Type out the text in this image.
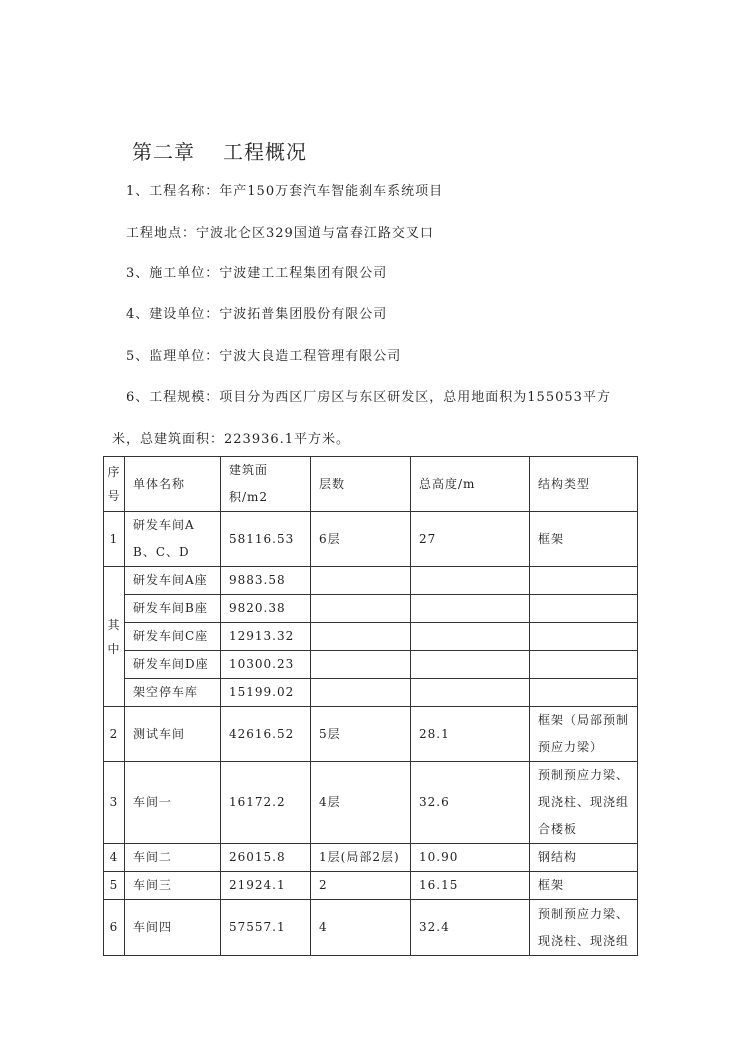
第二章 工程概况
1、工程名称：年产150万套汽车智能刹车系统项目
工程地点：宁波北仑区329国道与富春江路交叉口
3、施工单位：宁波建工工程集团有限公司
4、建设单位：宁波拓普集团股份有限公司
5、监理单位：宁波大良造工程管理有限公司
6、工程规模：项目分为西区厂房区与东区研发区，总用地面积为155053平方
米，总建筑面积：223936.1平方米。
序号	单体名称	建筑面积/m2	层数	总高度/m	结构类型
1	研发车间A B、C、D	58116.53	6层	27	框架
其中	研发车间A座	9883.58			
	研发车间B座	9820.38			
	研发车间C座	12913.32			
	研发车间D座	10300.23			
	架空停车库	15199.02			
2	测试车间	42616.52	5层	28.1	框架（局部预制预应力梁）
3	车间一	16172.2	4层	32.6	预制预应力梁、现浇柱、现浇组合楼板
4	车间二	26015.8	1层(局部2层)	10.90	钢结构
5	车间三	21924.1	2	16.15	框架
6	车间四	57557.1	4	32.4	预制预应力梁、现浇柱、现浇组
